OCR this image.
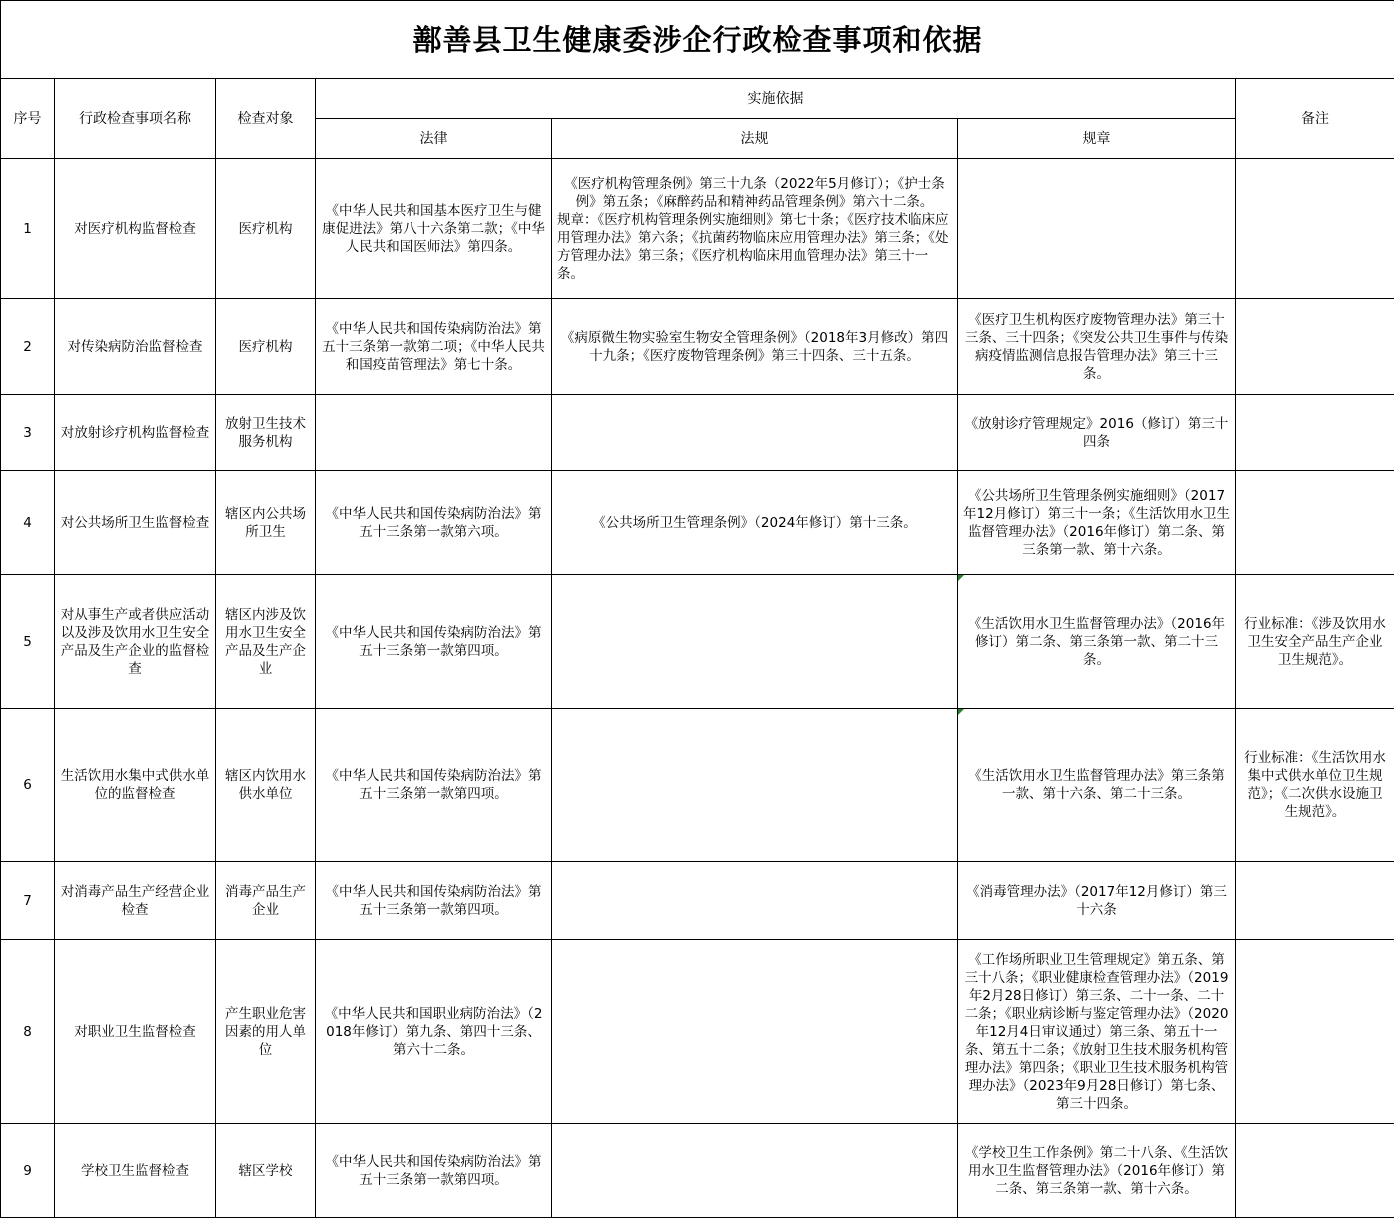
鄯善县卫生健康委涉企行政检查事项和依据						
序号	行政检查事项名称	检查对象	实施依据			备注
			法律	法规	规章	
1	对医疗机构监督检查	医疗机构	《中华人民共和国基本医疗卫生与健康促进法》第八十六条第二款；《中华人民共和国医师法》第四条。	《医疗机构管理条例》第三十九条（2022年5月修订）；《护士条例》第五条；《麻醉药品和精神药品管理条例》第六十二条。
规章：《医疗机构管理条例实施细则》第七十条；《医疗技术临床应用管理办法》第六条；《抗菌药物临床应用管理办法》第三条；《处方管理办法》第三条；《医疗机构临床用血管理办法》第三十一条。		

2	对传染病防治监督检查	医疗机构	《中华人民共和国传染病防治法》第五十三条第一款第二项；《中华人民共和国疫苗管理法》第七十条。	《病原微生物实验室生物安全管理条例》（2018年3月修改）第四十九条；《医疗废物管理条例》第三十四条、三十五条。	《医疗卫生机构医疗废物管理办法》第三十三条、三十四条；《突发公共卫生事件与传染病疫情监测信息报告管理办法》第三十三条。	
3	对放射诊疗机构监督检查	放射卫生技术服务机构			《放射诊疗管理规定》2016（修订）第三十四条	
4	对公共场所卫生监督检查	辖区内公共场所卫生	《中华人民共和国传染病防治法》第五十三条第一款第六项。	《公共场所卫生管理条例》（2024年修订）第十三条。	《公共场所卫生管理条例实施细则》（2017年12月修订）第三十一条；《生活饮用水卫生监督管理办法》（2016年修订）第二条、第三条第一款、第十六条。	
5	对从事生产或者供应活动以及涉及饮用水卫生安全产品及生产企业的监督检查	辖区内涉及饮用水卫生安全产品及生产企业	《中华人民共和国传染病防治法》第五十三条第一款第四项。		《生活饮用水卫生监督管理办法》（2016年修订）第二条、第三条第一款、第二十三条。	行业标准：《涉及饮用水卫生安全产品生产企业卫生规范》。
6	生活饮用水集中式供水单位的监督检查	辖区内饮用水供水单位	《中华人民共和国传染病防治法》第五十三条第一款第四项。		《生活饮用水卫生监督管理办法》第三条第一款、第十六条、第二十三条。	行业标准：《生活饮用水集中式供水单位卫生规范》；《二次供水设施卫生规范》。
7	对消毒产品生产经营企业检查	消毒产品生产企业	《中华人民共和国传染病防治法》第五十三条第一款第四项。		《消毒管理办法》（2017年12月修订）第三十六条	
8	对职业卫生监督检查	产生职业危害因素的用人单位	《中华人民共和国职业病防治法》（2018年修订）第九条、第四十三条、第六十二条。		《工作场所职业卫生管理规定》第五条、第三十八条；《职业健康检查管理办法》（2019年2月28日修订）第三条、二十一条、二十二条；《职业病诊断与鉴定管理办法》（2020年12月4日审议通过）第三条、第五十一条、第五十二条；《放射卫生技术服务机构管理办法》第四条；《职业卫生技术服务机构管理办法》（2023年9月28日修订）第七条、第三十四条。	
9	学校卫生监督检查	辖区学校	《中华人民共和国传染病防治法》第五十三条第一款第四项。		《学校卫生工作条例》第二十八条、《生活饮用水卫生监督管理办法》（2016年修订）第二条、第三条第一款、第十六条。	
